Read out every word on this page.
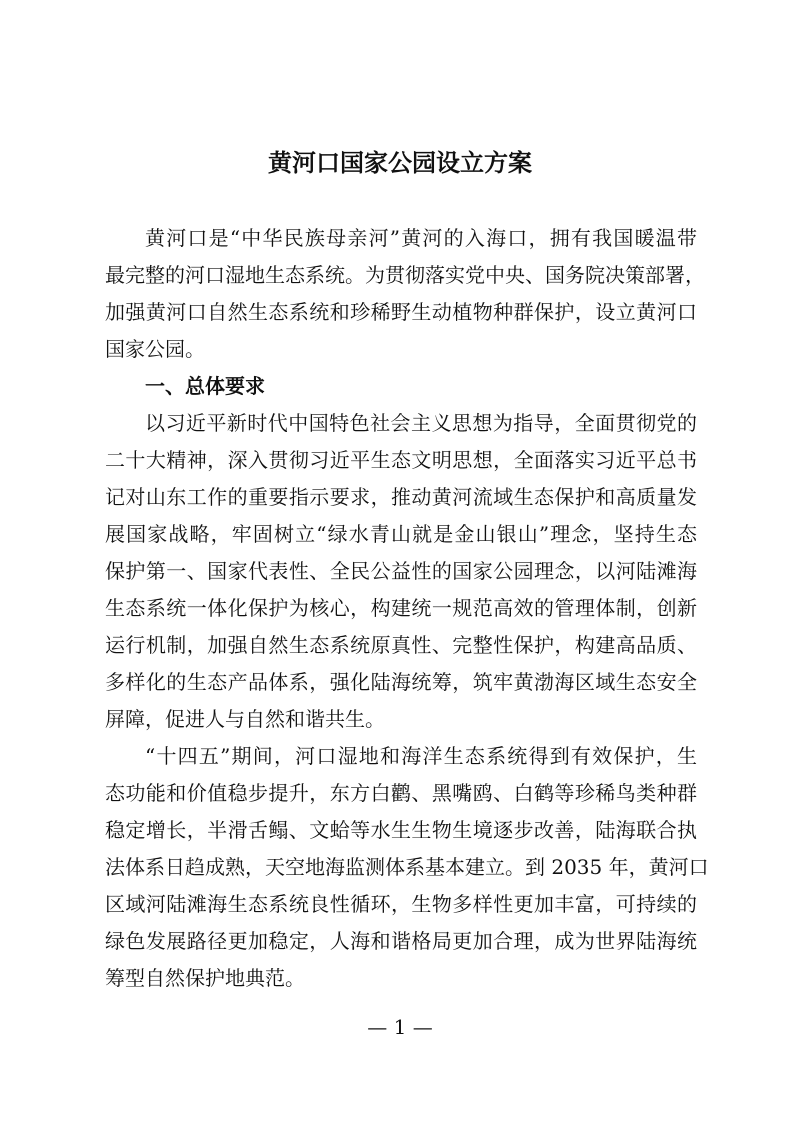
黄河口国家公园设立方案
黄河口是“中华民族母亲河”黄河的入海口，拥有我国暖温带
最完整的河口湿地生态系统。为贯彻落实党中央、国务院决策部署，
加强黄河口自然生态系统和珍稀野生动植物种群保护，设立黄河口
国家公园。
一、总体要求
以习近平新时代中国特色社会主义思想为指导，全面贯彻党的
二十大精神，深入贯彻习近平生态文明思想，全面落实习近平总书
记对山东工作的重要指示要求，推动黄河流域生态保护和高质量发
展国家战略，牢固树立“绿水青山就是金山银山”理念，坚持生态
保护第一、国家代表性、全民公益性的国家公园理念，以河陆滩海
生态系统一体化保护为核心，构建统一规范高效的管理体制，创新
运行机制，加强自然生态系统原真性、完整性保护，构建高品质、
多样化的生态产品体系，强化陆海统筹，筑牢黄渤海区域生态安全
屏障，促进人与自然和谐共生。
“十四五”期间，河口湿地和海洋生态系统得到有效保护，生
态功能和价值稳步提升，东方白鹳、黑嘴鸥、白鹤等珍稀鸟类种群
稳定增长，半滑舌鳎、文蛤等水生生物生境逐步改善，陆海联合执
法体系日趋成熟，天空地海监测体系基本建立。到 2035 年，黄河口
区域河陆滩海生态系统良性循环，生物多样性更加丰富，可持续的
绿色发展路径更加稳定，人海和谐格局更加合理，成为世界陆海统
筹型自然保护地典范。
— 1 —
